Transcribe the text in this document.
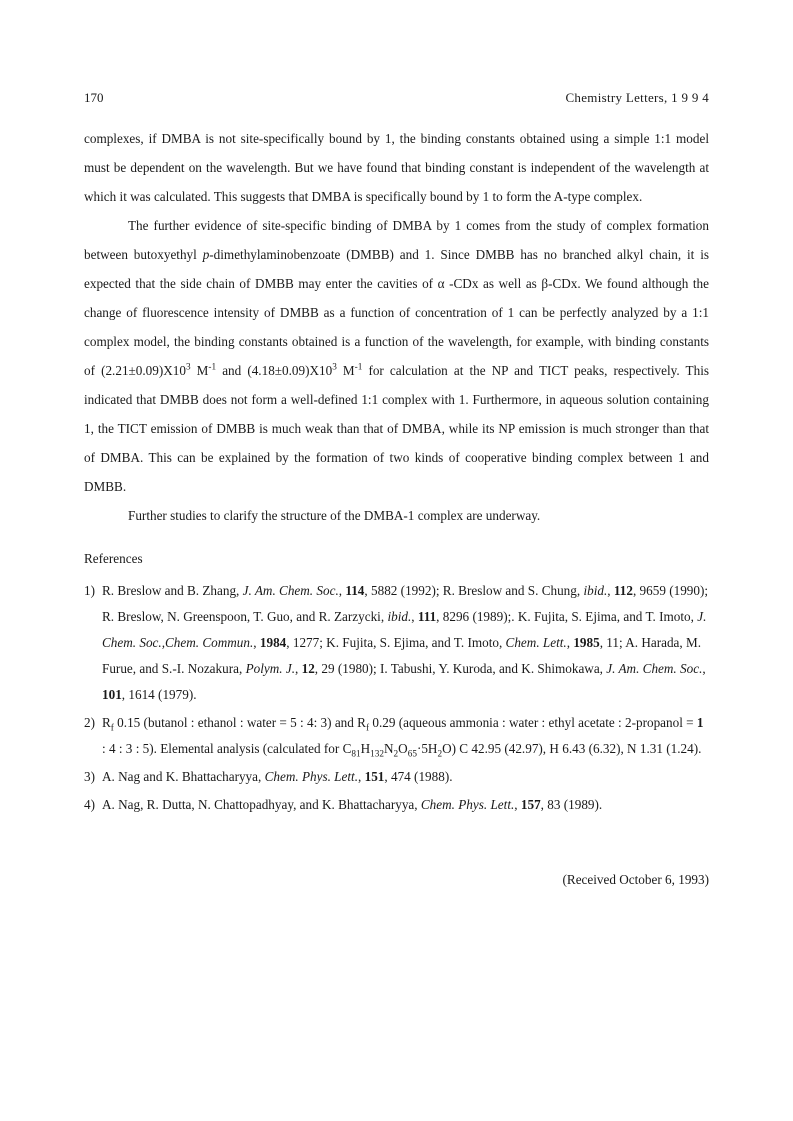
170	Chemistry Letters, 1 9 9 4

complexes, if DMBA is not site-specifically bound by 1, the binding constants obtained using a simple 1:1 model must be dependent on the wavelength. But we have found that binding constant is independent of the wavelength at which it was calculated. This suggests that DMBA is specifically bound by 1 to form the A-type complex.

The further evidence of site-specific binding of DMBA by 1 comes from the study of complex formation between butoxyethyl p-dimethylaminobenzoate (DMBB) and 1. Since DMBB has no branched alkyl chain, it is expected that the side chain of DMBB may enter the cavities of α -CDx as well as β-CDx. We found although the change of fluorescence intensity of DMBB as a function of concentration of 1 can be perfectly analyzed by a 1:1 complex model, the binding constants obtained is a function of the wavelength, for example, with binding constants of $(2.21\pm 0.09)X10^3$ $M^{-1}$ and $(4.18\pm 0.09)X10^3$ $M^{-1}$ for calculation at the NP and TICT peaks, respectively. This indicated that DMBB does not form a well-defined 1:1 complex with 1. Furthermore, in aqueous solution containing 1, the TICT emission of DMBB is much weak than that of DMBA, while its NP emission is much stronger than that of DMBA. This can be explained by the formation of two kinds of cooperative binding complex between 1 and DMBB.

Further studies to clarify the structure of the DMBA-1 complex are underway.

References
1) R. Breslow and B. Zhang, J. Am. Chem. Soc., 114, 5882 (1992); R. Breslow and S. Chung, ibid., 112, 9659 (1990); R. Breslow, N. Greenspoon, T. Guo, and R. Zarzycki, ibid., 111, 8296 (1989);. K. Fujita, S. Ejima, and T. Imoto, J. Chem. Soc.,Chem. Commun., 1984, 1277; K. Fujita, S. Ejima, and T. Imoto, Chem. Lett., 1985, 11; A. Harada, M. Furue, and S.-I. Nozakura, Polym. J., 12, 29 (1980); I. Tabushi, Y. Kuroda, and K. Shimokawa, J. Am. Chem. Soc., 101, 1614 (1979).
2) $R_f$ 0.15 (butanol : ethanol : water = 5 : 4: 3) and $R_f$ 0.29 (aqueous ammonia : water : ethyl acetate : 2-propanol = 1 : 4 : 3 : 5). Elemental analysis (calculated for $C_{81}H_{132}N_2O_{65}\cdot 5H_2O$) C 42.95 (42.97), H 6.43 (6.32), N 1.31 (1.24).
3) A. Nag and K. Bhattacharyya, Chem. Phys. Lett., 151, 474 (1988).
4) A. Nag, R. Dutta, N. Chattopadhyay, and K. Bhattacharyya, Chem. Phys. Lett., 157, 83 (1989).
(Received October 6, 1993)
